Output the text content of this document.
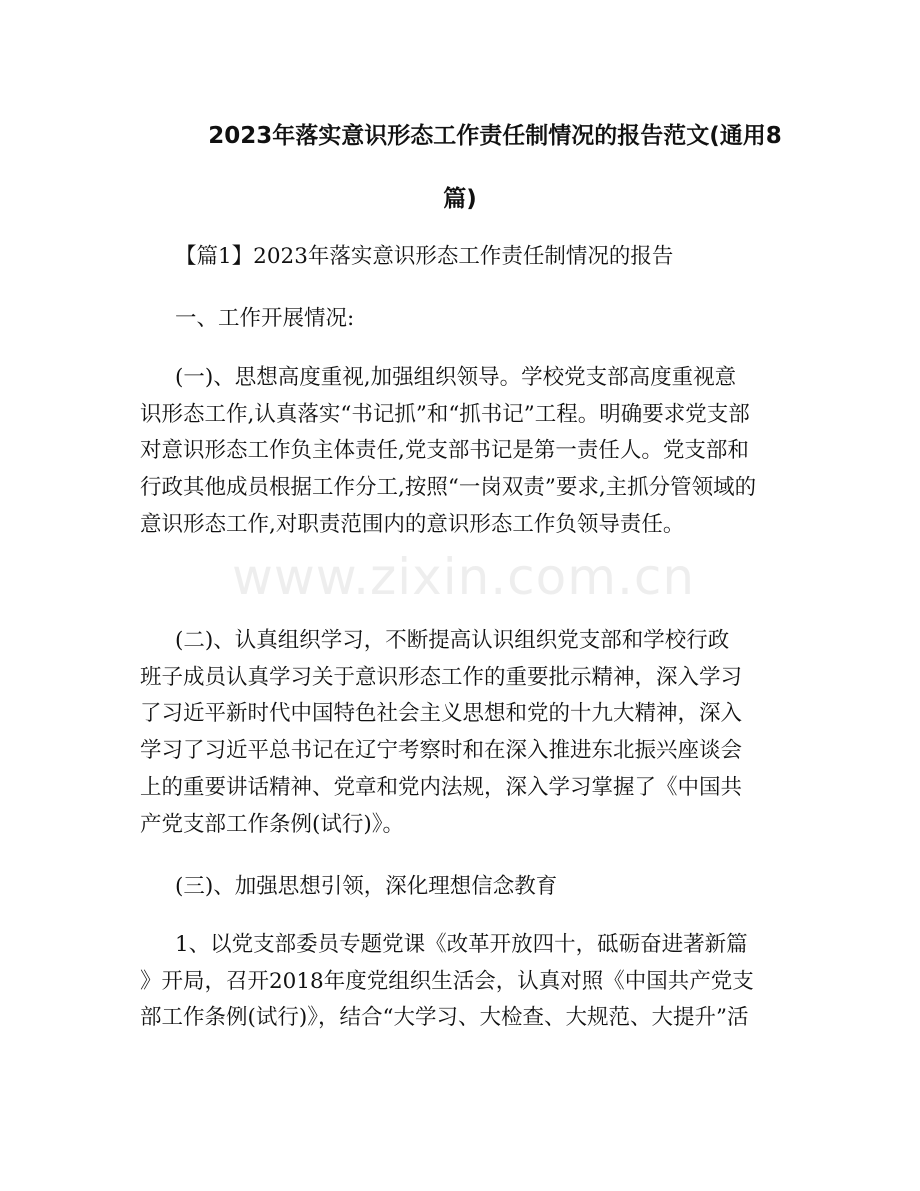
2023年落实意识形态工作责任制情况的报告范文(通用8
篇)
www.zixin.com.cn

【篇1】2023年落实意识形态工作责任制情况的报告

一、工作开展情况:

(一)、思想高度重视,加强组织领导。学校党支部高度重视意

识形态工作,认真落实“书记抓”和“抓书记”工程。明确要求党支部

对意识形态工作负主体责任,党支部书记是第一责任人。党支部和

行政其他成员根据工作分工,按照“一岗双责”要求,主抓分管领域的

意识形态工作,对职责范围内的意识形态工作负领导责任。

(二)、认真组织学习，不断提高认识组织党支部和学校行政

班子成员认真学习关于意识形态工作的重要批示精神，深入学习

了习近平新时代中国特色社会主义思想和党的十九大精神，深入

学习了习近平总书记在辽宁考察时和在深入推进东北振兴座谈会

上的重要讲话精神、党章和党内法规，深入学习掌握了《中国共

产党支部工作条例(试行)》。

(三)、加强思想引领，深化理想信念教育

1、以党支部委员专题党课《改革开放四十，砥砺奋进著新篇

》开局，召开2018年度党组织生活会，认真对照《中国共产党支

部工作条例(试行)》，结合“大学习、大检查、大规范、大提升”活
